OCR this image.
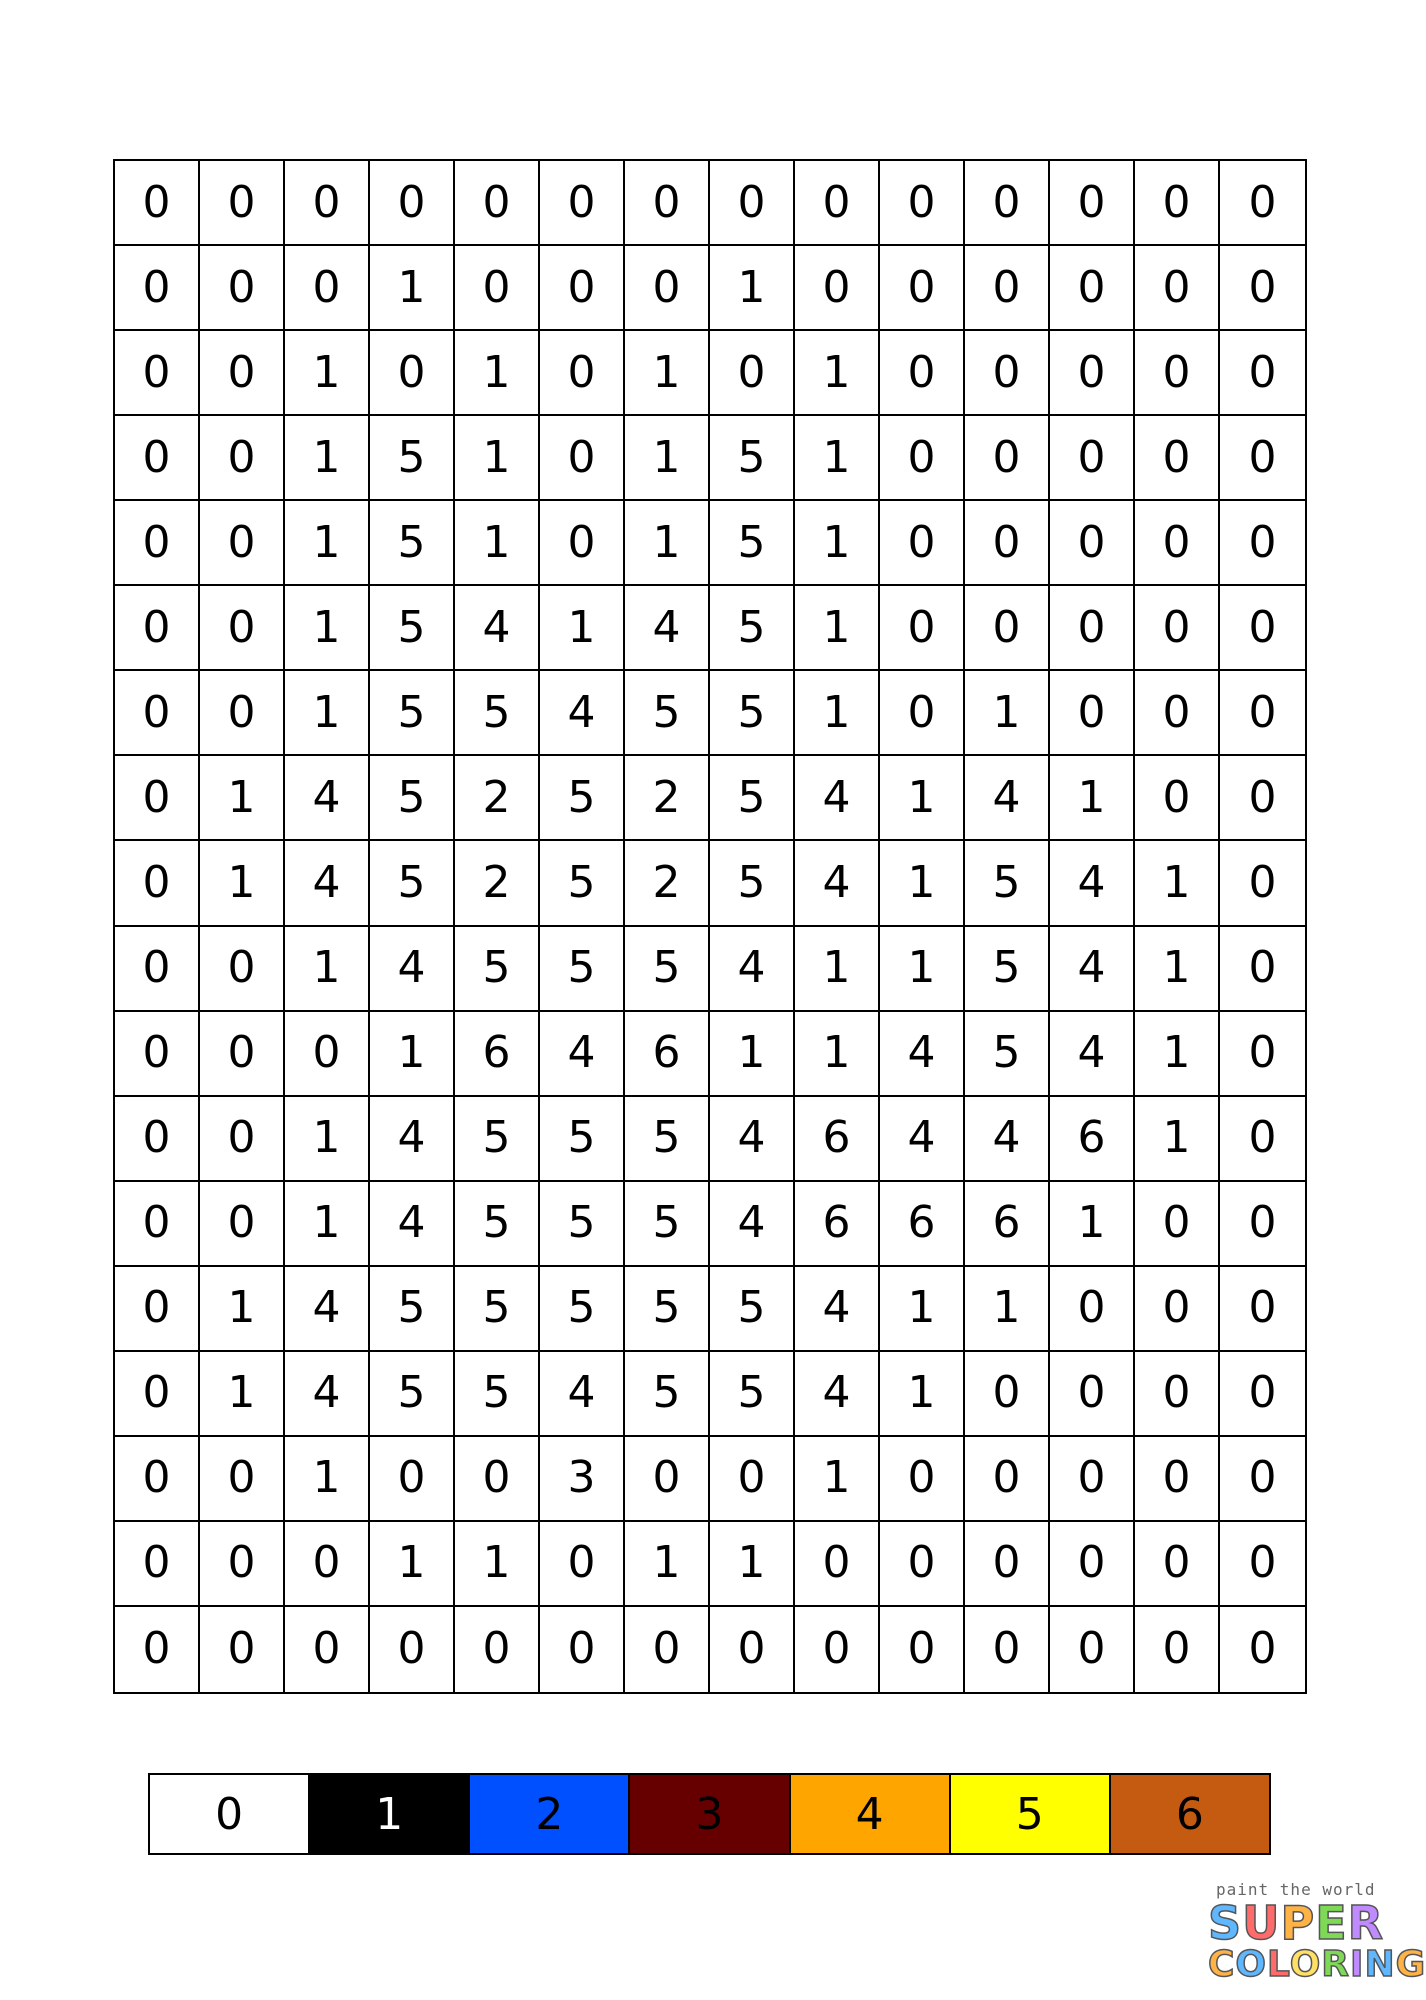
0	0	0	0	0	0	0	0	0	0	0	0	0	0
0	0	0	1	0	0	0	1	0	0	0	0	0	0
0	0	1	0	1	0	1	0	1	0	0	0	0	0
0	0	1	5	1	0	1	5	1	0	0	0	0	0
0	0	1	5	1	0	1	5	1	0	0	0	0	0
0	0	1	5	4	1	4	5	1	0	0	0	0	0
0	0	1	5	5	4	5	5	1	0	1	0	0	0
0	1	4	5	2	5	2	5	4	1	4	1	0	0
0	1	4	5	2	5	2	5	4	1	5	4	1	0
0	0	1	4	5	5	5	4	1	1	5	4	1	0
0	0	0	1	6	4	6	1	1	4	5	4	1	0
0	0	1	4	5	5	5	4	6	4	4	6	1	0
0	0	1	4	5	5	5	4	6	6	6	1	0	0
0	1	4	5	5	5	5	5	4	1	1	0	0	0
0	1	4	5	5	4	5	5	4	1	0	0	0	0
0	0	1	0	0	3	0	0	1	0	0	0	0	0
0	0	0	1	1	0	1	1	0	0	0	0	0	0
0	0	0	0	0	0	0	0	0	0	0	0	0	0
0	1	2	3	4	5	6
paint the world
SUPER
COLORING
